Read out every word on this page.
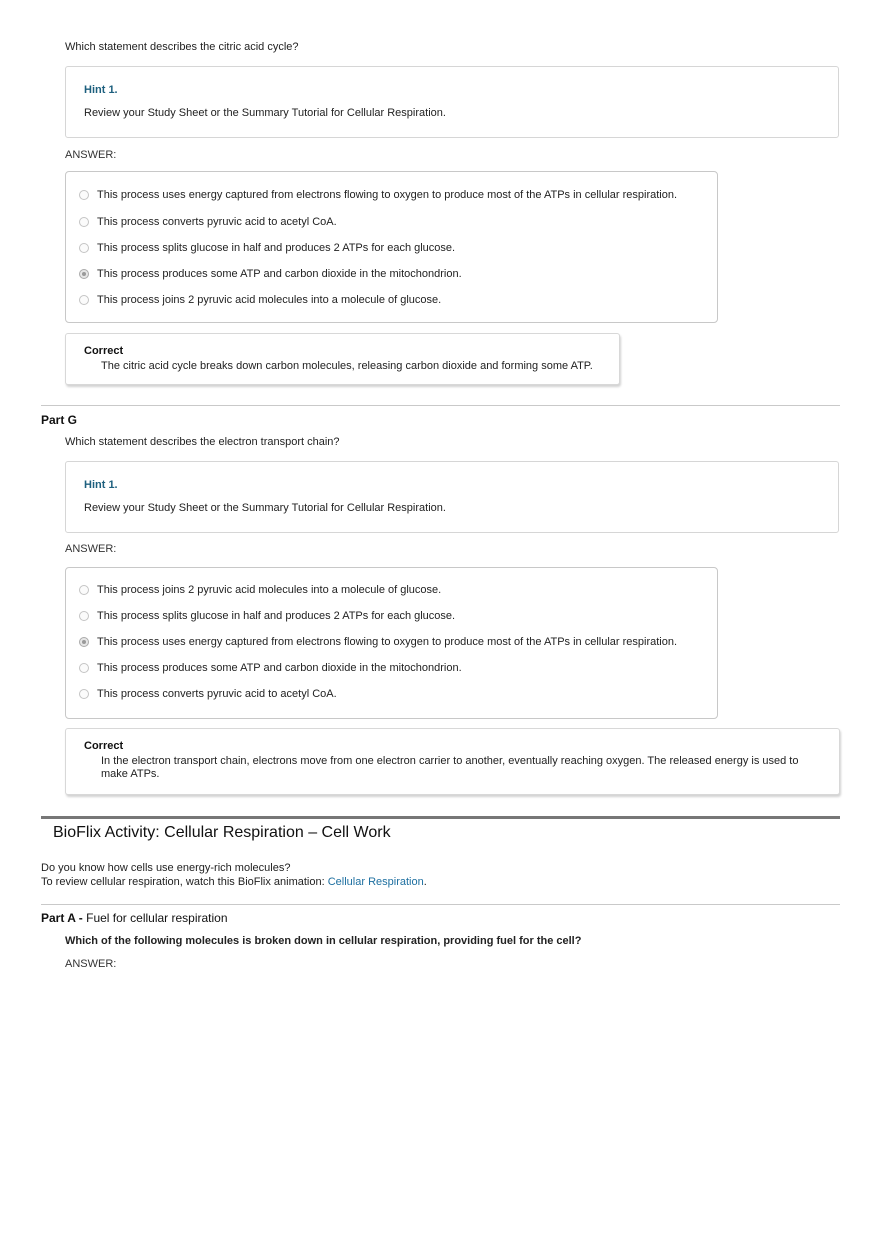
Which statement describes the citric acid cycle?
Hint 1.
Review your Study Sheet or the Summary Tutorial for Cellular Respiration.
ANSWER:
This process uses energy captured from electrons flowing to oxygen to produce most of the ATPs in cellular respiration.
This process converts pyruvic acid to acetyl CoA.
This process splits glucose in half and produces 2 ATPs for each glucose.
This process produces some ATP and carbon dioxide in the mitochondrion.
This process joins 2 pyruvic acid molecules into a molecule of glucose.
Correct
The citric acid cycle breaks down carbon molecules, releasing carbon dioxide and forming some ATP.
Part G
Which statement describes the electron transport chain?
Hint 1.
Review your Study Sheet or the Summary Tutorial for Cellular Respiration.
ANSWER:
This process joins 2 pyruvic acid molecules into a molecule of glucose.
This process splits glucose in half and produces 2 ATPs for each glucose.
This process uses energy captured from electrons flowing to oxygen to produce most of the ATPs in cellular respiration.
This process produces some ATP and carbon dioxide in the mitochondrion.
This process converts pyruvic acid to acetyl CoA.
Correct
In the electron transport chain, electrons move from one electron carrier to another, eventually reaching oxygen. The released energy is used to
make ATPs.
BioFlix Activity: Cellular Respiration – Cell Work
Do you know how cells use energy-rich molecules?
To review cellular respiration, watch this BioFlix animation: Cellular Respiration.
Part A - Fuel for cellular respiration
Which of the following molecules is broken down in cellular respiration, providing fuel for the cell?
ANSWER:
